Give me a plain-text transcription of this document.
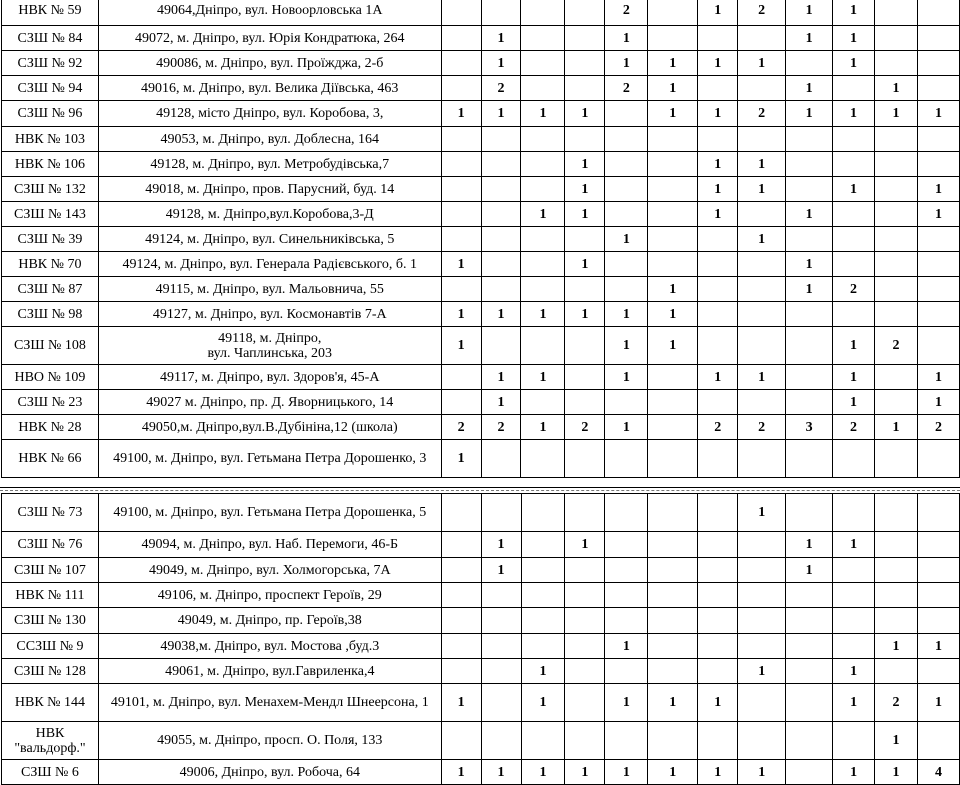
НВК № 59	49064,Дніпро, вул. Новоорловська 1А					2		1	2	1	1		
СЗШ № 84	49072, м. Дніпро, вул. Юрія Кондратюка, 264		1			1				1	1		
СЗШ № 92	490086, м. Дніпро, вул. Проїжджа, 2-б		1			1	1	1	1		1		
СЗШ № 94	49016, м. Дніпро, вул. Велика Діївська, 463		2			2	1			1		1	
СЗШ № 96	49128, місто Дніпро, вул. Коробова, 3,	1	1	1	1		1	1	2	1	1	1	1
НВК № 103	49053, м. Дніпро, вул. Доблесна, 164												
НВК № 106	49128, м. Дніпро, вул. Метробудівська,7				1			1	1				
СЗШ № 132	49018, м. Дніпро, пров. Парусний, буд. 14				1			1	1		1		1
СЗШ № 143	49128, м. Дніпро,вул.Коробова,3-Д			1	1			1		1			1
СЗШ № 39	49124, м. Дніпро, вул. Синельниківська, 5					1			1				
НВК № 70	49124, м. Дніпро, вул. Генерала Радієвського, б. 1	1			1					1			
СЗШ № 87	49115, м. Дніпро, вул. Мальовнича, 55						1			1	2		
СЗШ № 98	49127, м. Дніпро, вул. Космонавтів 7-А	1	1	1	1	1	1						
СЗШ № 108	49118, м. Дніпро,
вул. Чаплинська, 203	1				1	1				1	2	
НВО № 109	49117, м. Дніпро, вул. Здоров'я, 45-А		1	1		1		1	1		1		1
СЗШ № 23	49027 м. Дніпро, пр. Д. Яворницького, 14		1								1		1
НВК № 28	49050,м. Дніпро,вул.В.Дубініна,12 (школа)	2	2	1	2	1		2	2	3	2	1	2
НВК № 66	49100, м. Дніпро, вул. Гетьмана Петра Дорошенко, 3	1											
СЗШ № 73	49100, м. Дніпро, вул. Гетьмана Петра Дорошенка, 5								1				
СЗШ № 76	49094, м. Дніпро, вул. Наб. Перемоги, 46-Б		1		1					1	1		
СЗШ № 107	49049, м. Дніпро, вул. Холмогорська, 7А		1							1			
НВК № 111	49106, м. Дніпро, проспект Героїв, 29												
СЗШ № 130	49049, м. Дніпро, пр. Героїв,38												
ССЗШ № 9	49038,м. Дніпро, вул. Мостова ,буд.3					1						1	1
СЗШ № 128	49061, м. Дніпро, вул.Гавриленка,4			1					1		1		
НВК № 144	49101, м. Дніпро, вул. Менахем-Мендл Шнеерсона, 1	1		1		1	1	1			1	2	1
НВК "вальдорф."	49055, м. Дніпро, просп. О. Поля, 133											1	
СЗШ № 6	49006, Дніпро, вул. Робоча, 64	1	1	1	1	1	1	1	1		1	1	4
